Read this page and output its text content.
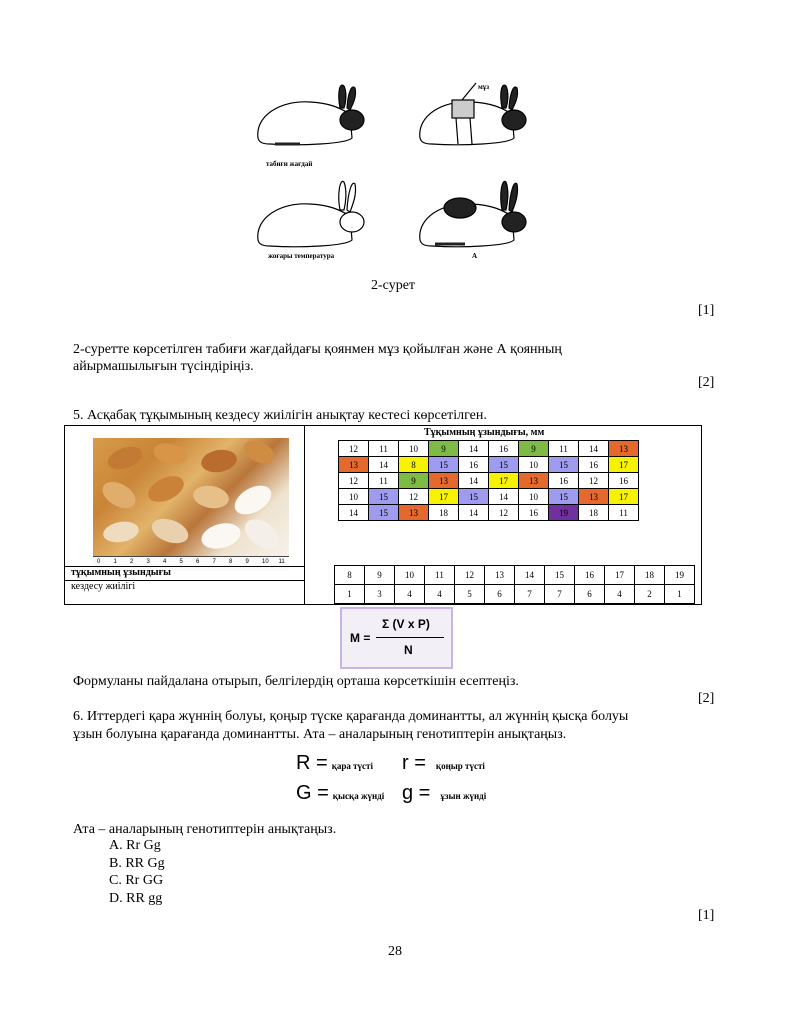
мұз
табиғи жағдай
жоғары температура	А
2-сурет
[1]
2-суретте көрсетілген табиғи жағдайдағы қоянмен мұз қойылған және А қоянның
айырмашылығын түсіндіріңіз.
[2]
5. Асқабақ тұқымының кездесу жиілігін анықтау кестесі көрсетілген.
0 1 2 3 4 5 6 7 8 9 10 11
Тұқымның ұзындығы, мм
12	11	10	9	14	16	9	11	14	13
13	14	8	15	16	15	10	15	16	17
12	11	9	13	14	17	13	16	12	16
10	15	12	17	15	14	10	15	13	17
14	15	13	18	14	12	16	19	18	11
тұқымның ұзындығы
кездесу жиілігі
8	9	10	11	12	13	14	15	16	17	18	19
1	3	4	4	5	6	7	7	6	4	2	1
M =
Σ (V x P)
N
Формуланы пайдалана отырып, белгілердің орташа көрсеткішін есептеңіз.
[2]
6. Иттердегі қара жүннің болуы, қоңыр түске қарағанда доминантты, ал жүннің қысқа болуы
ұзын болуына қарағанда доминантты. Ата – аналарының генотиптерін анықтаңыз.
R = қара түсті r = қоңыр түсті
G = қысқа жүнді g = ұзын жүнді
Ата – аналарының генотиптерін анықтаңыз.
A. Rr Gg
B. RR Gg
C. Rr GG
D. RR gg
[1]
28
